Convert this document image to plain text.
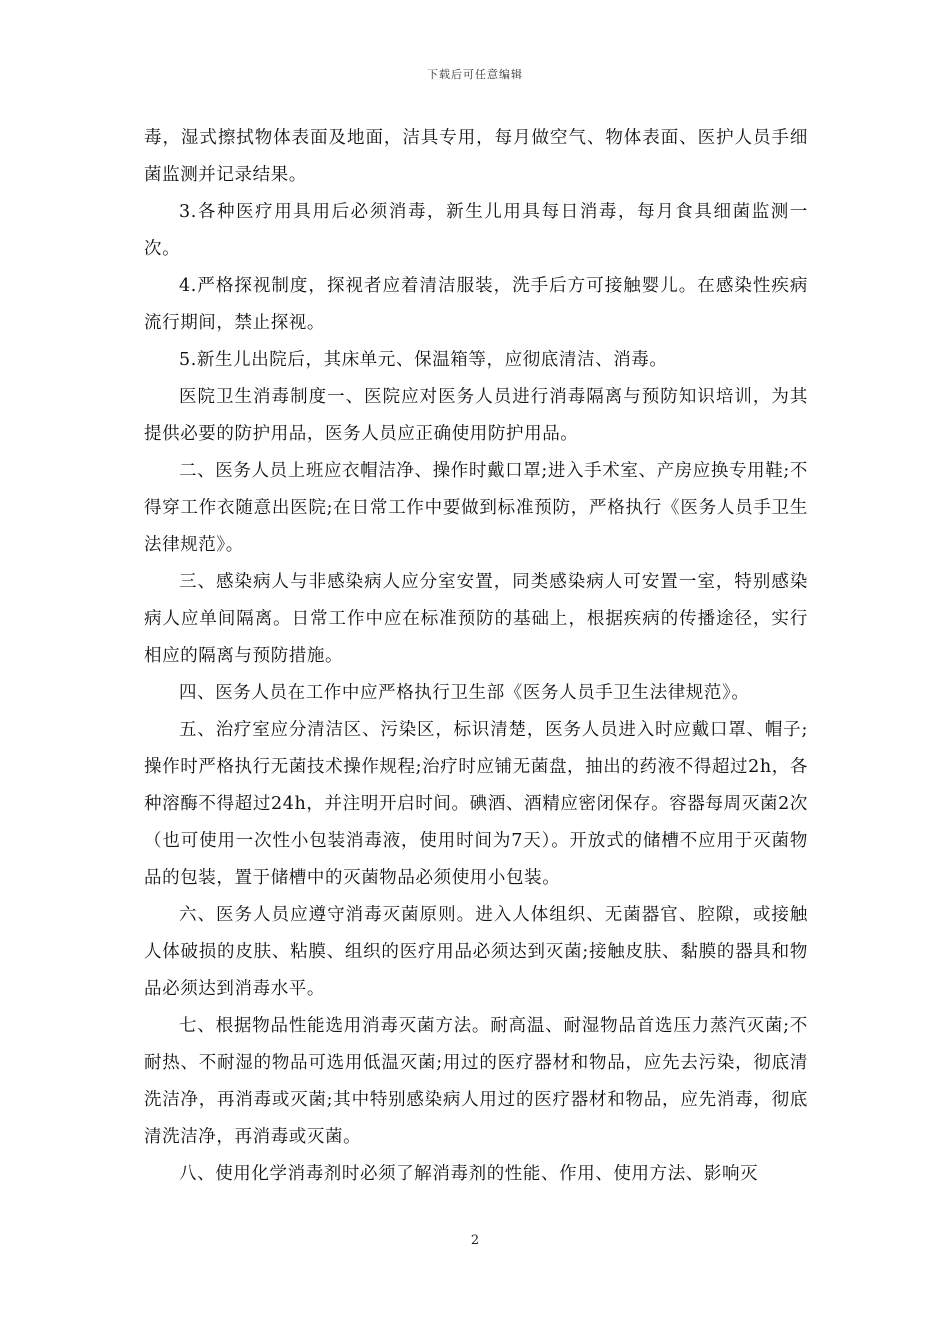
下载后可任意编辑

毒，湿式擦拭物体表面及地面，洁具专用，每月做空气、物体表面、医护人员手细菌监测并记录结果。

3.各种医疗用具用后必须消毒，新生儿用具每日消毒，每月食具细菌监测一次。

4.严格探视制度，探视者应着清洁服装，洗手后方可接触婴儿。在感染性疾病流行期间，禁止探视。

5.新生儿出院后，其床单元、保温箱等，应彻底清洁、消毒。

医院卫生消毒制度一、医院应对医务人员进行消毒隔离与预防知识培训，为其提供必要的防护用品，医务人员应正确使用防护用品。

二、医务人员上班应衣帽洁净、操作时戴口罩;进入手术室、产房应换专用鞋;不得穿工作衣随意出医院;在日常工作中要做到标准预防，严格执行《医务人员手卫生法律规范》。

三、感染病人与非感染病人应分室安置，同类感染病人可安置一室，特别感染病人应单间隔离。日常工作中应在标准预防的基础上，根据疾病的传播途径，实行相应的隔离与预防措施。

四、医务人员在工作中应严格执行卫生部《医务人员手卫生法律规范》。

五、治疗室应分清洁区、污染区，标识清楚，医务人员进入时应戴口罩、帽子;操作时严格执行无菌技术操作规程;治疗时应铺无菌盘，抽出的药液不得超过2h，各种溶酶不得超过24h，并注明开启时间。碘酒、酒精应密闭保存。容器每周灭菌2次（也可使用一次性小包装消毒液，使用时间为7天）。开放式的储槽不应用于灭菌物品的包装，置于储槽中的灭菌物品必须使用小包装。

六、医务人员应遵守消毒灭菌原则。进入人体组织、无菌器官、腔隙，或接触人体破损的皮肤、粘膜、组织的医疗用品必须达到灭菌;接触皮肤、黏膜的器具和物品必须达到消毒水平。

七、根据物品性能选用消毒灭菌方法。耐高温、耐湿物品首选压力蒸汽灭菌;不耐热、不耐湿的物品可选用低温灭菌;用过的医疗器材和物品，应先去污染，彻底清洗洁净，再消毒或灭菌;其中特别感染病人用过的医疗器材和物品，应先消毒，彻底清洗洁净，再消毒或灭菌。

八、使用化学消毒剂时必须了解消毒剂的性能、作用、使用方法、影响灭

2
